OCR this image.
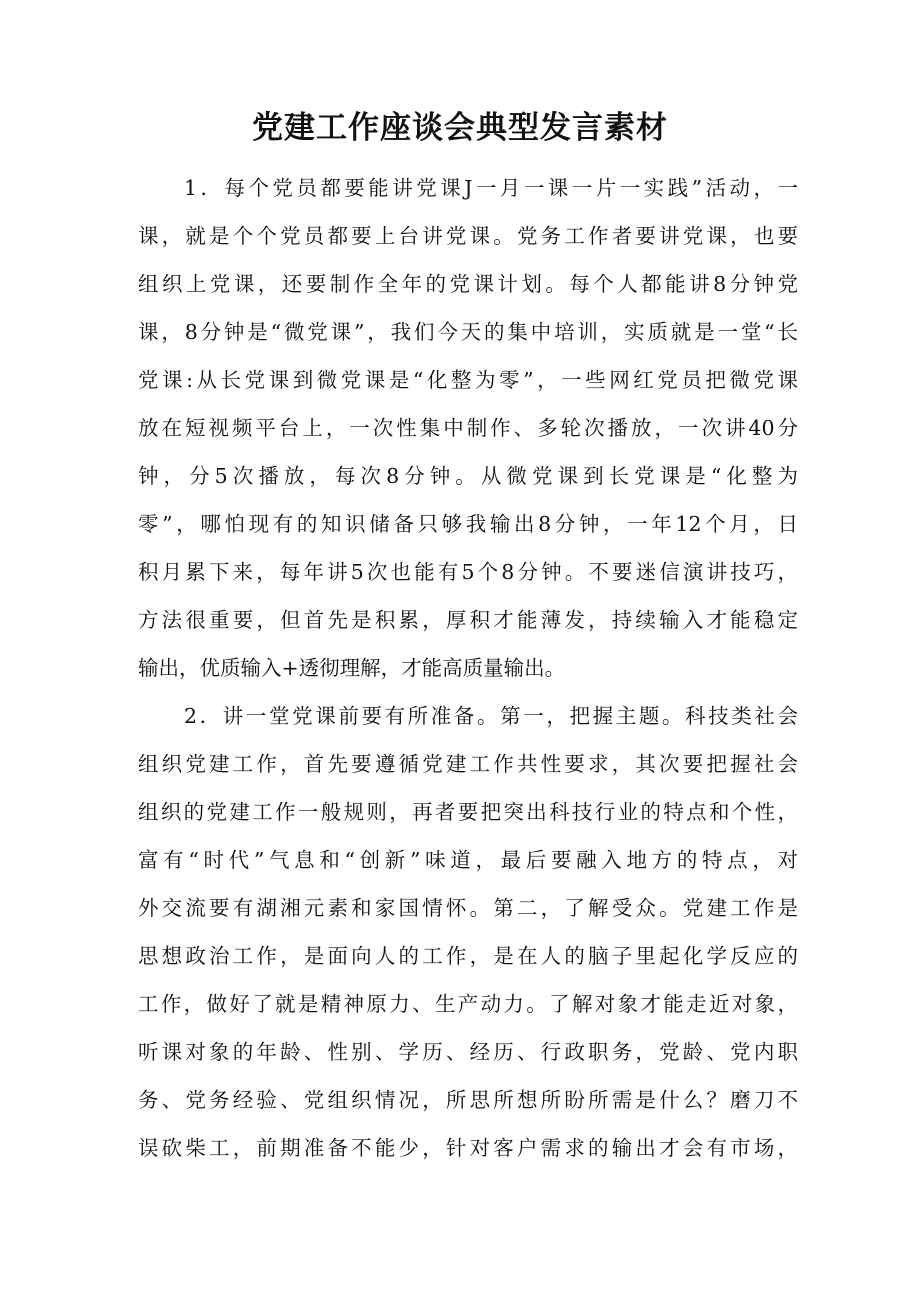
党建工作座谈会典型发言素材
1．每个党员都要能讲党课J一月一课一片一实践”活动，一
课，就是个个党员都要上台讲党课。党务工作者要讲党课，也要
组织上党课，还要制作全年的党课计划。每个人都能讲8分钟党
课，8分钟是“微党课”，我们今天的集中培训，实质就是一堂“长
党课:从长党课到微党课是“化整为零”，一些网红党员把微党课
放在短视频平台上，一次性集中制作、多轮次播放，一次讲40分
钟，分5次播放，每次8分钟。从微党课到长党课是“化整为
零”，哪怕现有的知识储备只够我输出8分钟，一年12个月，日
积月累下来，每年讲5次也能有5个8分钟。不要迷信演讲技巧，
方法很重要，但首先是积累，厚积才能薄发，持续输入才能稳定
输出，优质输入+透彻理解，才能高质量输出。
2．讲一堂党课前要有所准备。第一，把握主题。科技类社会
组织党建工作，首先要遵循党建工作共性要求，其次要把握社会
组织的党建工作一般规则，再者要把突出科技行业的特点和个性，
富有“时代”气息和“创新”味道，最后要融入地方的特点，对
外交流要有湖湘元素和家国情怀。第二，了解受众。党建工作是
思想政治工作，是面向人的工作，是在人的脑子里起化学反应的
工作，做好了就是精神原力、生产动力。了解对象才能走近对象，
听课对象的年龄、性别、学历、经历、行政职务，党龄、党内职
务、党务经验、党组织情况，所思所想所盼所需是什么？磨刀不
误砍柴工，前期准备不能少，针对客户需求的输出才会有市场，
